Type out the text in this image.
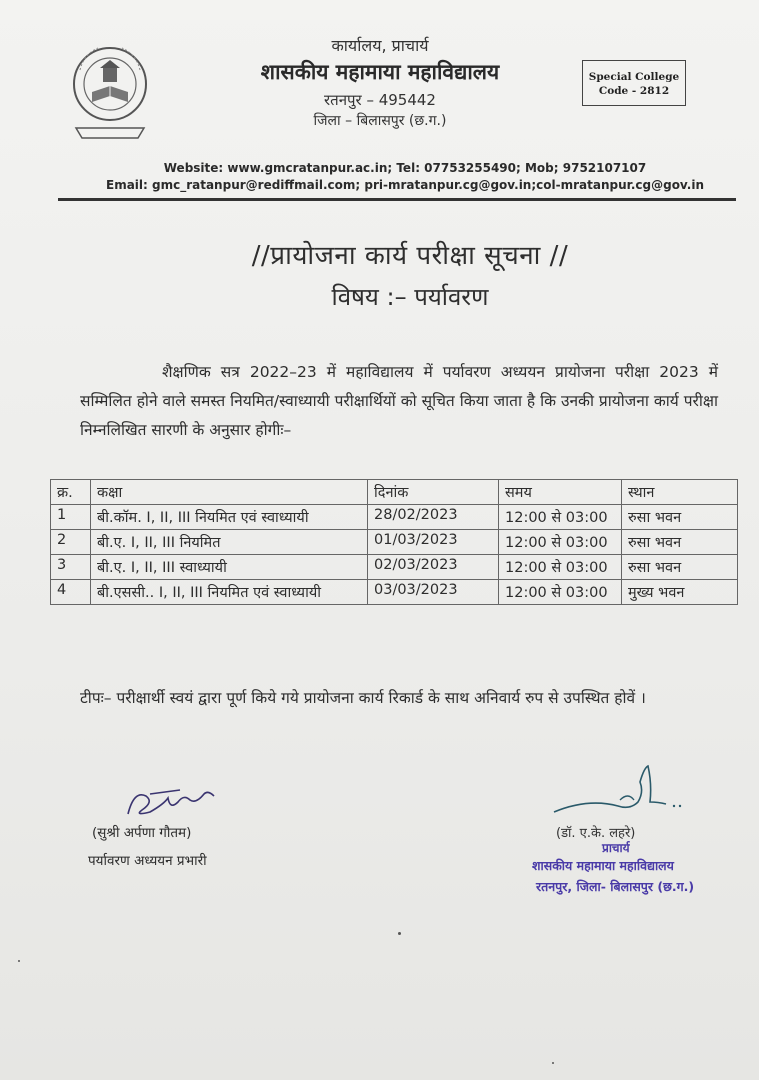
कार्यालय, प्राचार्य
शासकीय महामाया महाविद्यालय
रतनपुर – 495442
जिला – बिलासपुर (छ.ग.)
Special College
Code - 2812
Website: www.gmcratanpur.ac.in; Tel: 07753255490; Mob; 9752107107
Email: gmc_ratanpur@rediffmail.com; pri-mratanpur.cg@gov.in;col-mratanpur.cg@gov.in
//प्रायोजना कार्य परीक्षा सूचना //
विषय :– पर्यावरण

शैक्षणिक सत्र 2022–23 में महाविद्यालय में पर्यावरण अध्ययन प्रायोजना परीक्षा 2023 में सम्मिलित होने वाले समस्त नियमित/स्वाध्यायी परीक्षार्थियों को सूचित किया जाता है कि उनकी प्रायोजना कार्य परीक्षा निम्नलिखित सारणी के अनुसार होगीः–

क्र.	कक्षा	दिनांक	समय	स्थान
1	बी.कॉम. I, II, III नियमित एवं स्वाध्यायी	28/02/2023	12:00 से 03:00	रुसा भवन
2	बी.ए. I, II, III नियमित	01/03/2023	12:00 से 03:00	रुसा भवन
3	बी.ए. I, II, III स्वाध्यायी	02/03/2023	12:00 से 03:00	रुसा भवन
4	बी.एससी.. I, II, III नियमित एवं स्वाध्यायी	03/03/2023	12:00 से 03:00	मुख्य भवन
टीपः– परीक्षार्थी स्वयं द्वारा पूर्ण किये गये प्रायोजना कार्य रिकार्ड के साथ अनिवार्य रुप से उपस्थित होवें ।
(सुश्री अर्पणा गौतम)
पर्यावरण अध्ययन प्रभारी
(डॉ. ए.के. लहरे)
प्राचार्य
शासकीय महामाया महाविद्यालय
रतनपुर, जिला- बिलासपुर (छ.ग.)
